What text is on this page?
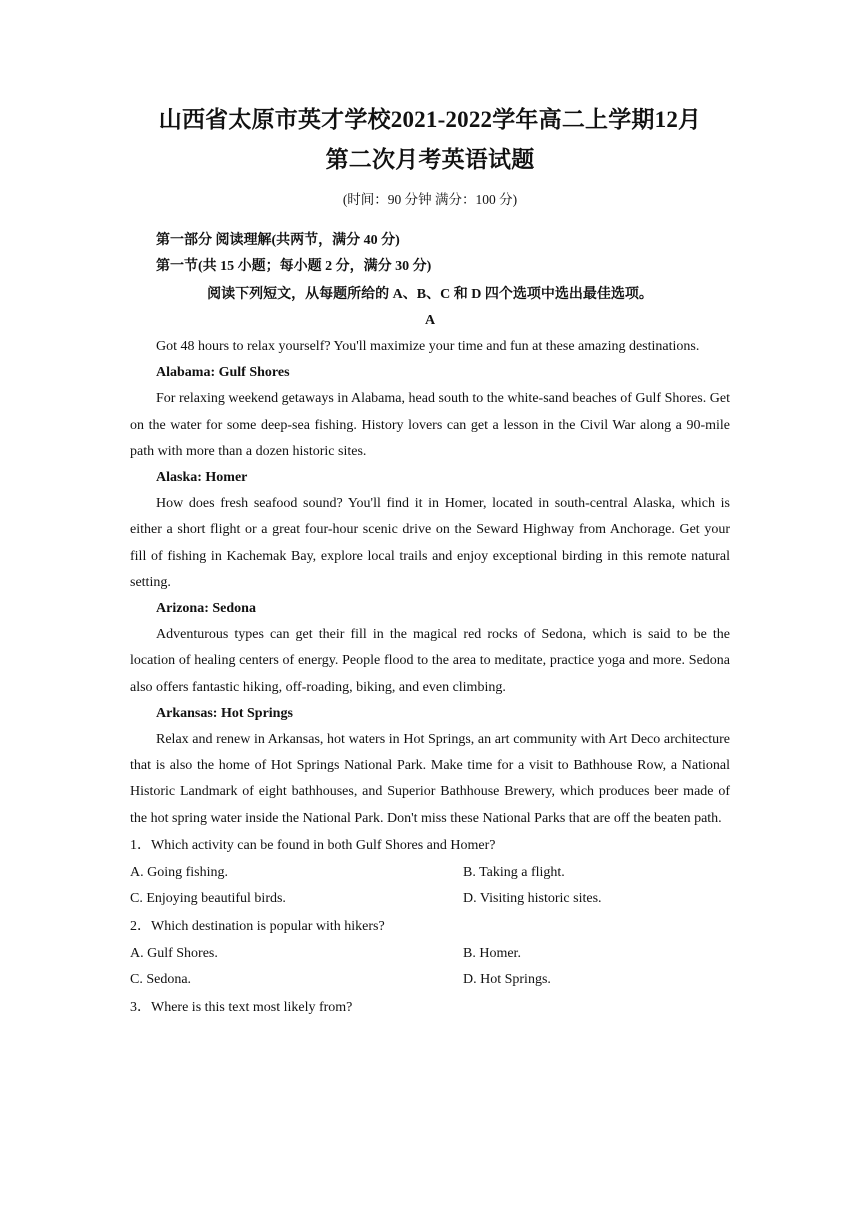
山西省太原市英才学校2021-2022学年高二上学期12月
第二次月考英语试题

(时间：90 分钟 满分：100 分)

第一部分 阅读理解(共两节，满分 40 分)

第一节(共 15 小题；每小题 2 分，满分 30 分)

阅读下列短文，从每题所给的 A、B、C 和 D 四个选项中选出最佳选项。

A

Got 48 hours to relax yourself? You'll maximize your time and fun at these amazing destinations.

Alabama: Gulf Shores

For relaxing weekend getaways in Alabama, head south to the white-sand beaches of Gulf Shores. Get on the water for some deep-sea fishing. History lovers can get a lesson in the Civil War along a 90-mile path with more than a dozen historic sites.

Alaska: Homer

How does fresh seafood sound? You'll find it in Homer, located in south-central Alaska, which is either a short flight or a great four-hour scenic drive on the Seward Highway from Anchorage. Get your fill of fishing in Kachemak Bay, explore local trails and enjoy exceptional birding in this remote natural setting.

Arizona: Sedona

Adventurous types can get their fill in the magical red rocks of Sedona, which is said to be the location of healing centers of energy. People flood to the area to meditate, practice yoga and more. Sedona also offers fantastic hiking, off-roading, biking, and even climbing.

Arkansas: Hot Springs

Relax and renew in Arkansas, hot waters in Hot Springs, an art community with Art Deco architecture that is also the home of Hot Springs National Park. Make time for a visit to Bathhouse Row, a National Historic Landmark of eight bathhouses, and Superior Bathhouse Brewery, which produces beer made of the hot spring water inside the National Park. Don't miss these National Parks that are off the beaten path.

1．Which activity can be found in both Gulf Shores and Homer?

A. Going fishing.	B. Taking a flight.
C. Enjoying beautiful birds.	D. Visiting historic sites.

2．Which destination is popular with hikers?

A. Gulf Shores.	B. Homer.
C. Sedona.	D. Hot Springs.

3．Where is this text most likely from?
